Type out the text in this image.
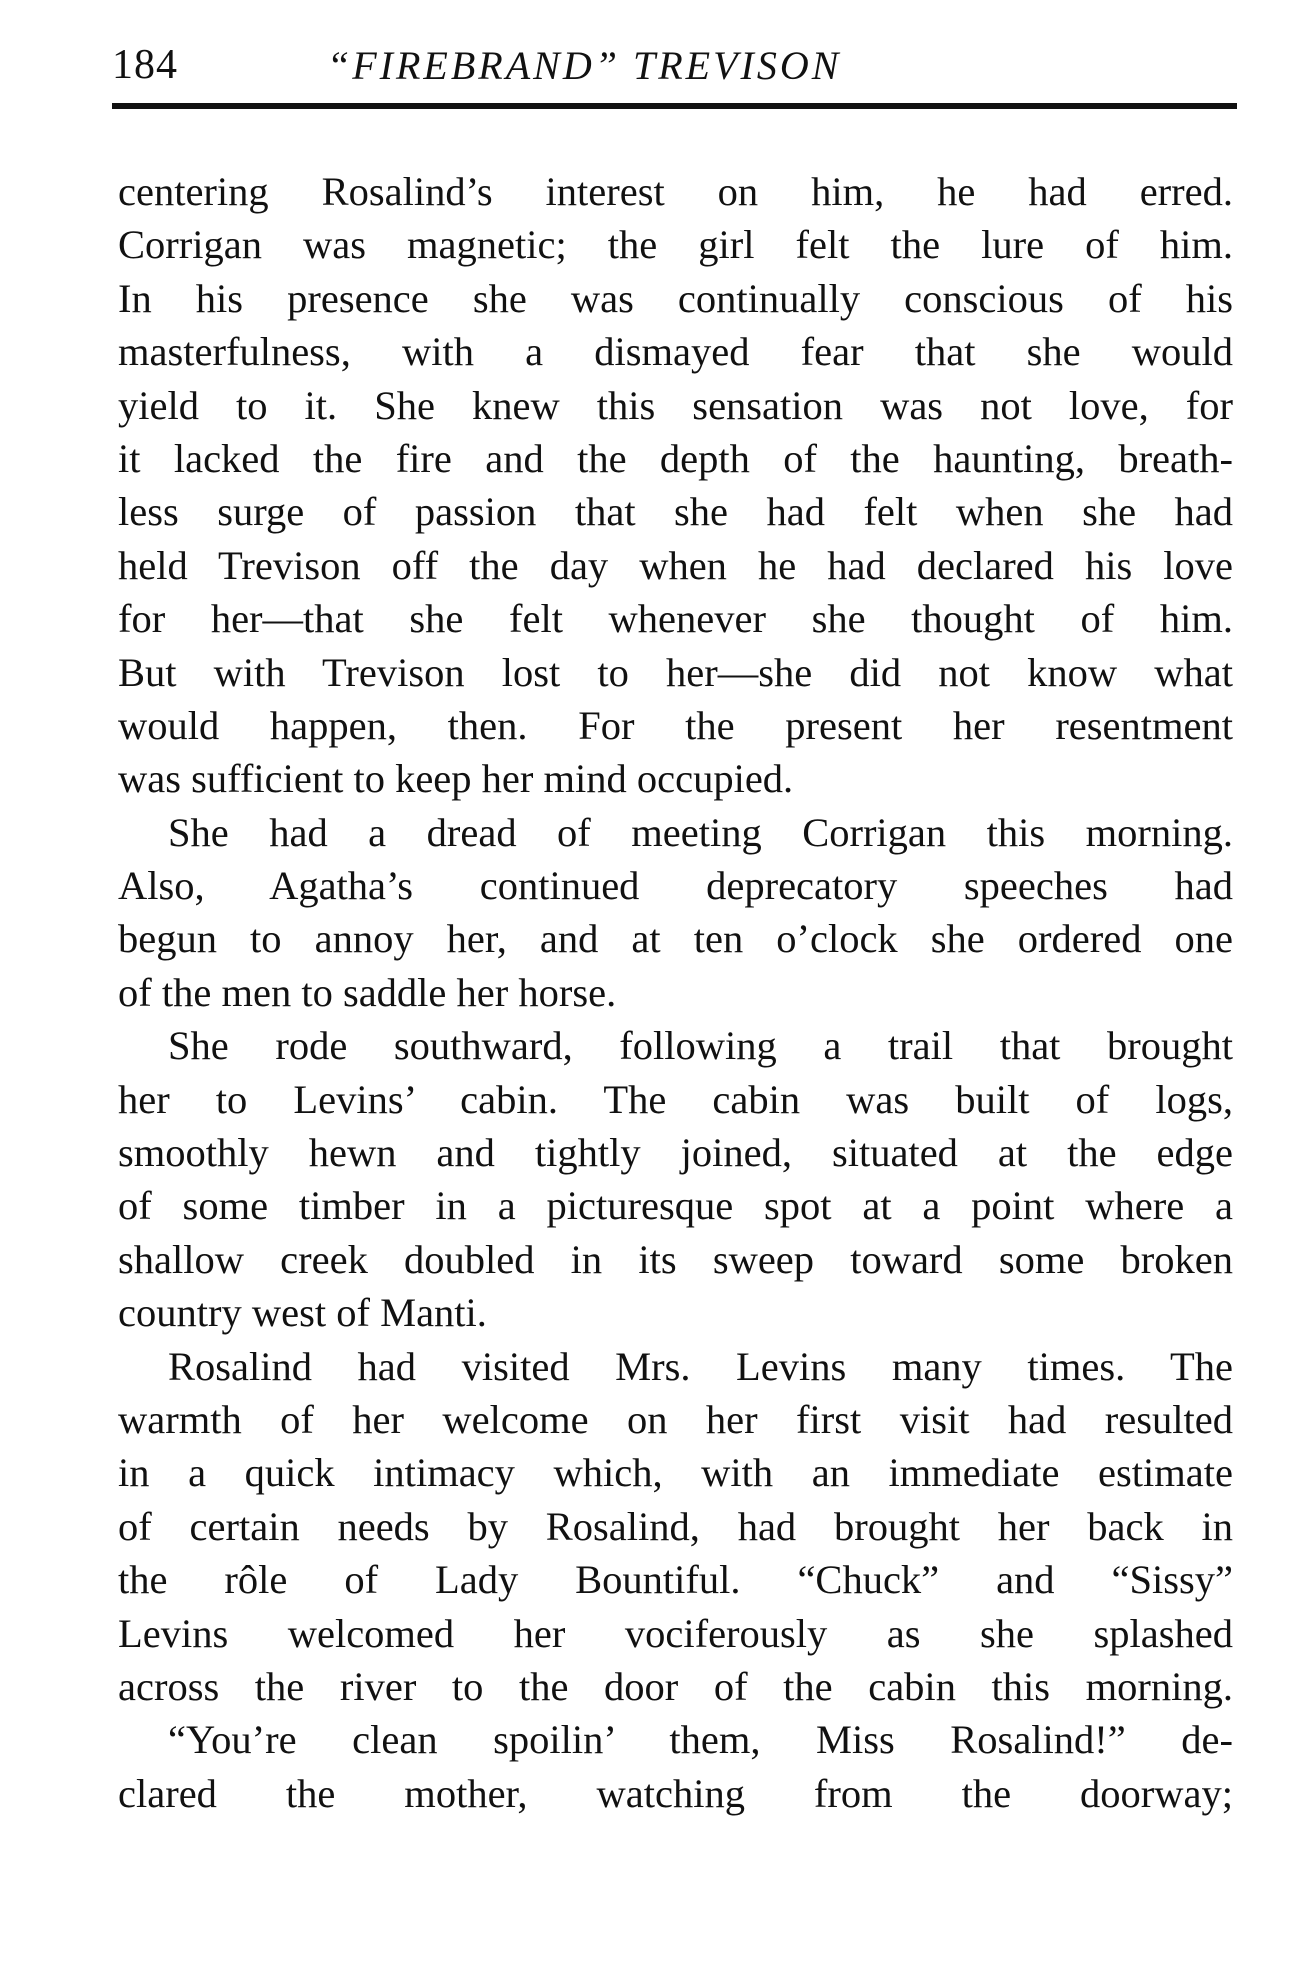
184	“FIREBRAND” TREVISON
centering Rosalind’s interest on him, he had erred.
Corrigan was magnetic; the girl felt the lure of him.
In his presence she was continually conscious of his
masterfulness, with a dismayed fear that she would
yield to it. She knew this sensation was not love, for
it lacked the fire and the depth of the haunting, breath-
less surge of passion that she had felt when she had
held Trevison off the day when he had declared his love
for her—that she felt whenever she thought of him.
But with Trevison lost to her—she did not know what
would happen, then. For the present her resentment
was sufficient to keep her mind occupied.
She had a dread of meeting Corrigan this morning.
Also, Agatha’s continued deprecatory speeches had
begun to annoy her, and at ten o’clock she ordered one
of the men to saddle her horse.
She rode southward, following a trail that brought
her to Levins’ cabin. The cabin was built of logs,
smoothly hewn and tightly joined, situated at the edge
of some timber in a picturesque spot at a point where a
shallow creek doubled in its sweep toward some broken
country west of Manti.
Rosalind had visited Mrs. Levins many times. The
warmth of her welcome on her first visit had resulted
in a quick intimacy which, with an immediate estimate
of certain needs by Rosalind, had brought her back in
the rôle of Lady Bountiful. “Chuck” and “Sissy”
Levins welcomed her vociferously as she splashed
across the river to the door of the cabin this morning.
“You’re clean spoilin’ them, Miss Rosalind!” de-
clared the mother, watching from the doorway;
